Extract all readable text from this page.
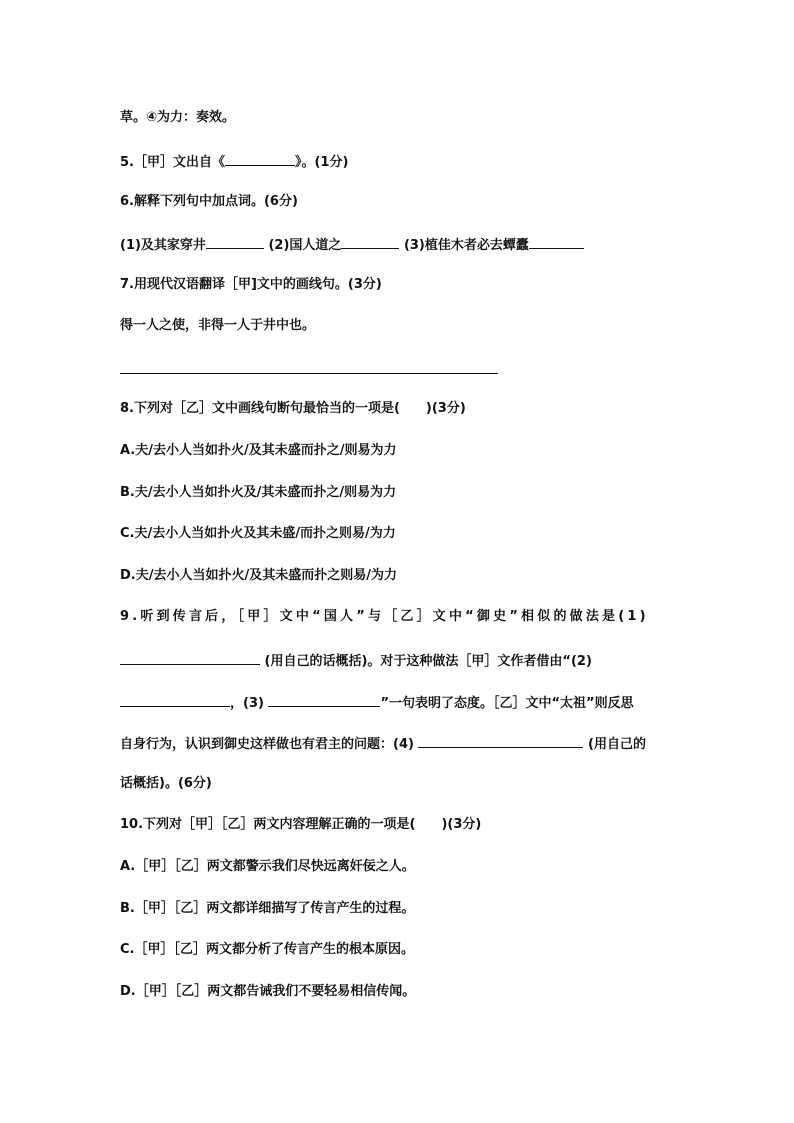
草。④为力：奏效。
5.［甲］文出自《	》。(1分)
6.解释下列句中加点词。(6分)
(1)及其家穿井	(2)国人道之	(3)植佳木者必去蟫蠹
7.用现代汉语翻译［甲]文中的画线句。(3分)
得一人之使，非得一人于井中也。
8.下列对［乙］文中画线句断句最恰当的一项是(　　)(3分)
A.夫/去小人当如扑火/及其未盛而扑之/则易为力
B.夫/去小人当如扑火及/其未盛而扑之/则易为力
C.夫/去小人当如扑火及其未盛/而扑之则易/为力
D.夫/去小人当如扑火/及其未盛而扑之则易/为力
9.听到传言后，［甲］文中“国人”与［乙］文中“御史”相似的做法是(1)
(用自己的话概括)。对于这种做法［甲］文作者借由“(2)
，(3)	”一句表明了态度。［乙］文中“太祖”则反思
自身行为，认识到御史这样做也有君主的问题：(4)	(用自己的
话概括)。(6分)
10.下列对［甲］［乙］两文内容理解正确的一项是(　　)(3分)
A.［甲］［乙］两文都警示我们尽快远离奸佞之人。
B.［甲］［乙］两文都详细描写了传言产生的过程。
C.［甲］［乙］两文都分析了传言产生的根本原因。
D.［甲］［乙］两文都告诫我们不要轻易相信传闻。
